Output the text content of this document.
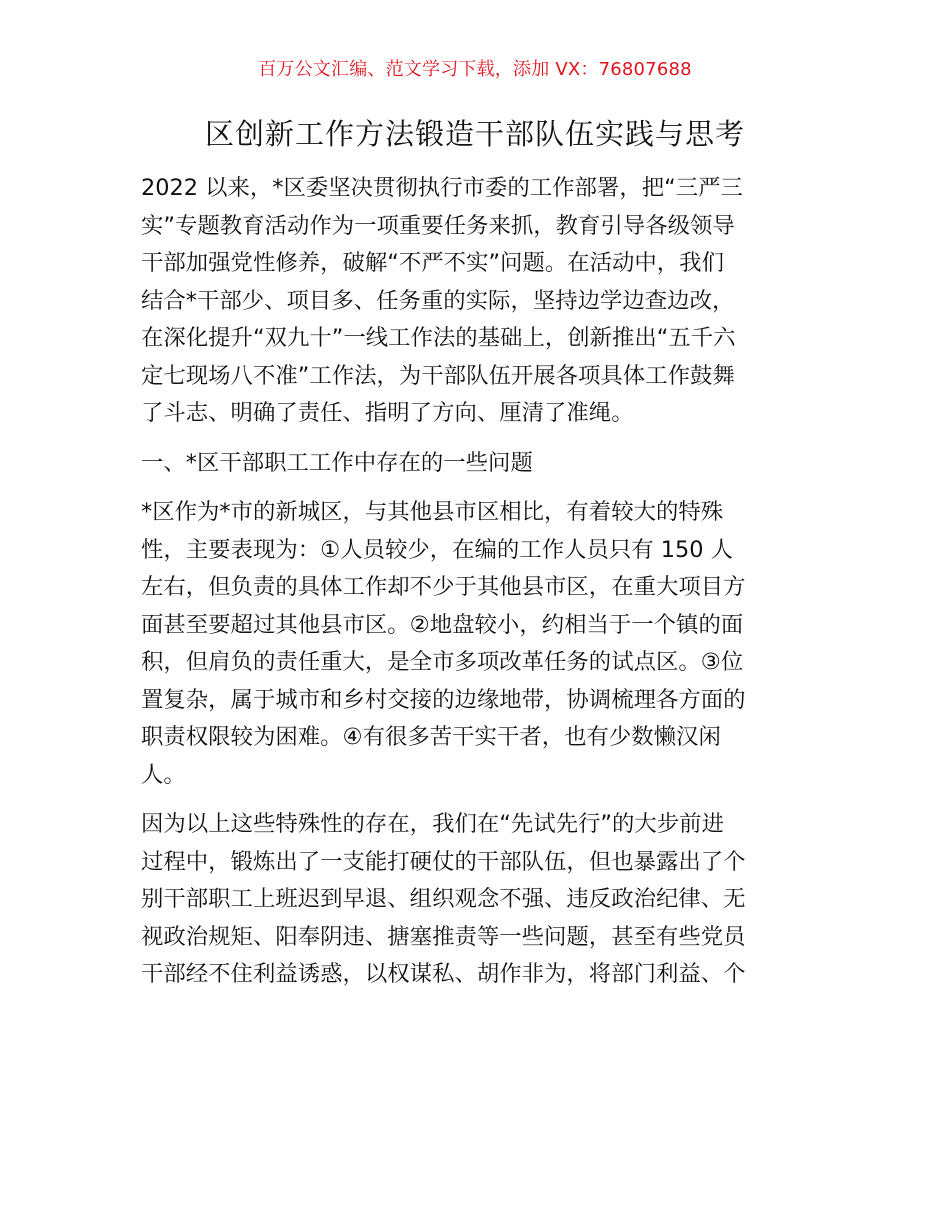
百万公文汇编、范文学习下载，添加 VX：76807688
区创新工作方法锻造干部队伍实践与思考
2022 以来，*区委坚决贯彻执行市委的工作部署，把“三严三
实”专题教育活动作为一项重要任务来抓，教育引导各级领导
干部加强党性修养，破解“不严不实”问题。在活动中，我们
结合*干部少、项目多、任务重的实际，坚持边学边查边改，
在深化提升“双九十”一线工作法的基础上，创新推出“五千六
定七现场八不准”工作法，为干部队伍开展各项具体工作鼓舞
了斗志、明确了责任、指明了方向、厘清了准绳。
一、*区干部职工工作中存在的一些问题
*区作为*市的新城区，与其他县市区相比，有着较大的特殊
性，主要表现为：①人员较少，在编的工作人员只有 150 人
左右，但负责的具体工作却不少于其他县市区，在重大项目方
面甚至要超过其他县市区。②地盘较小，约相当于一个镇的面
积，但肩负的责任重大，是全市多项改革任务的试点区。③位
置复杂，属于城市和乡村交接的边缘地带，协调梳理各方面的
职责权限较为困难。④有很多苦干实干者，也有少数懒汉闲
人。
因为以上这些特殊性的存在，我们在“先试先行”的大步前进
过程中，锻炼出了一支能打硬仗的干部队伍，但也暴露出了个
别干部职工上班迟到早退、组织观念不强、违反政治纪律、无
视政治规矩、阳奉阴违、搪塞推责等一些问题，甚至有些党员
干部经不住利益诱惑，以权谋私、胡作非为，将部门利益、个
